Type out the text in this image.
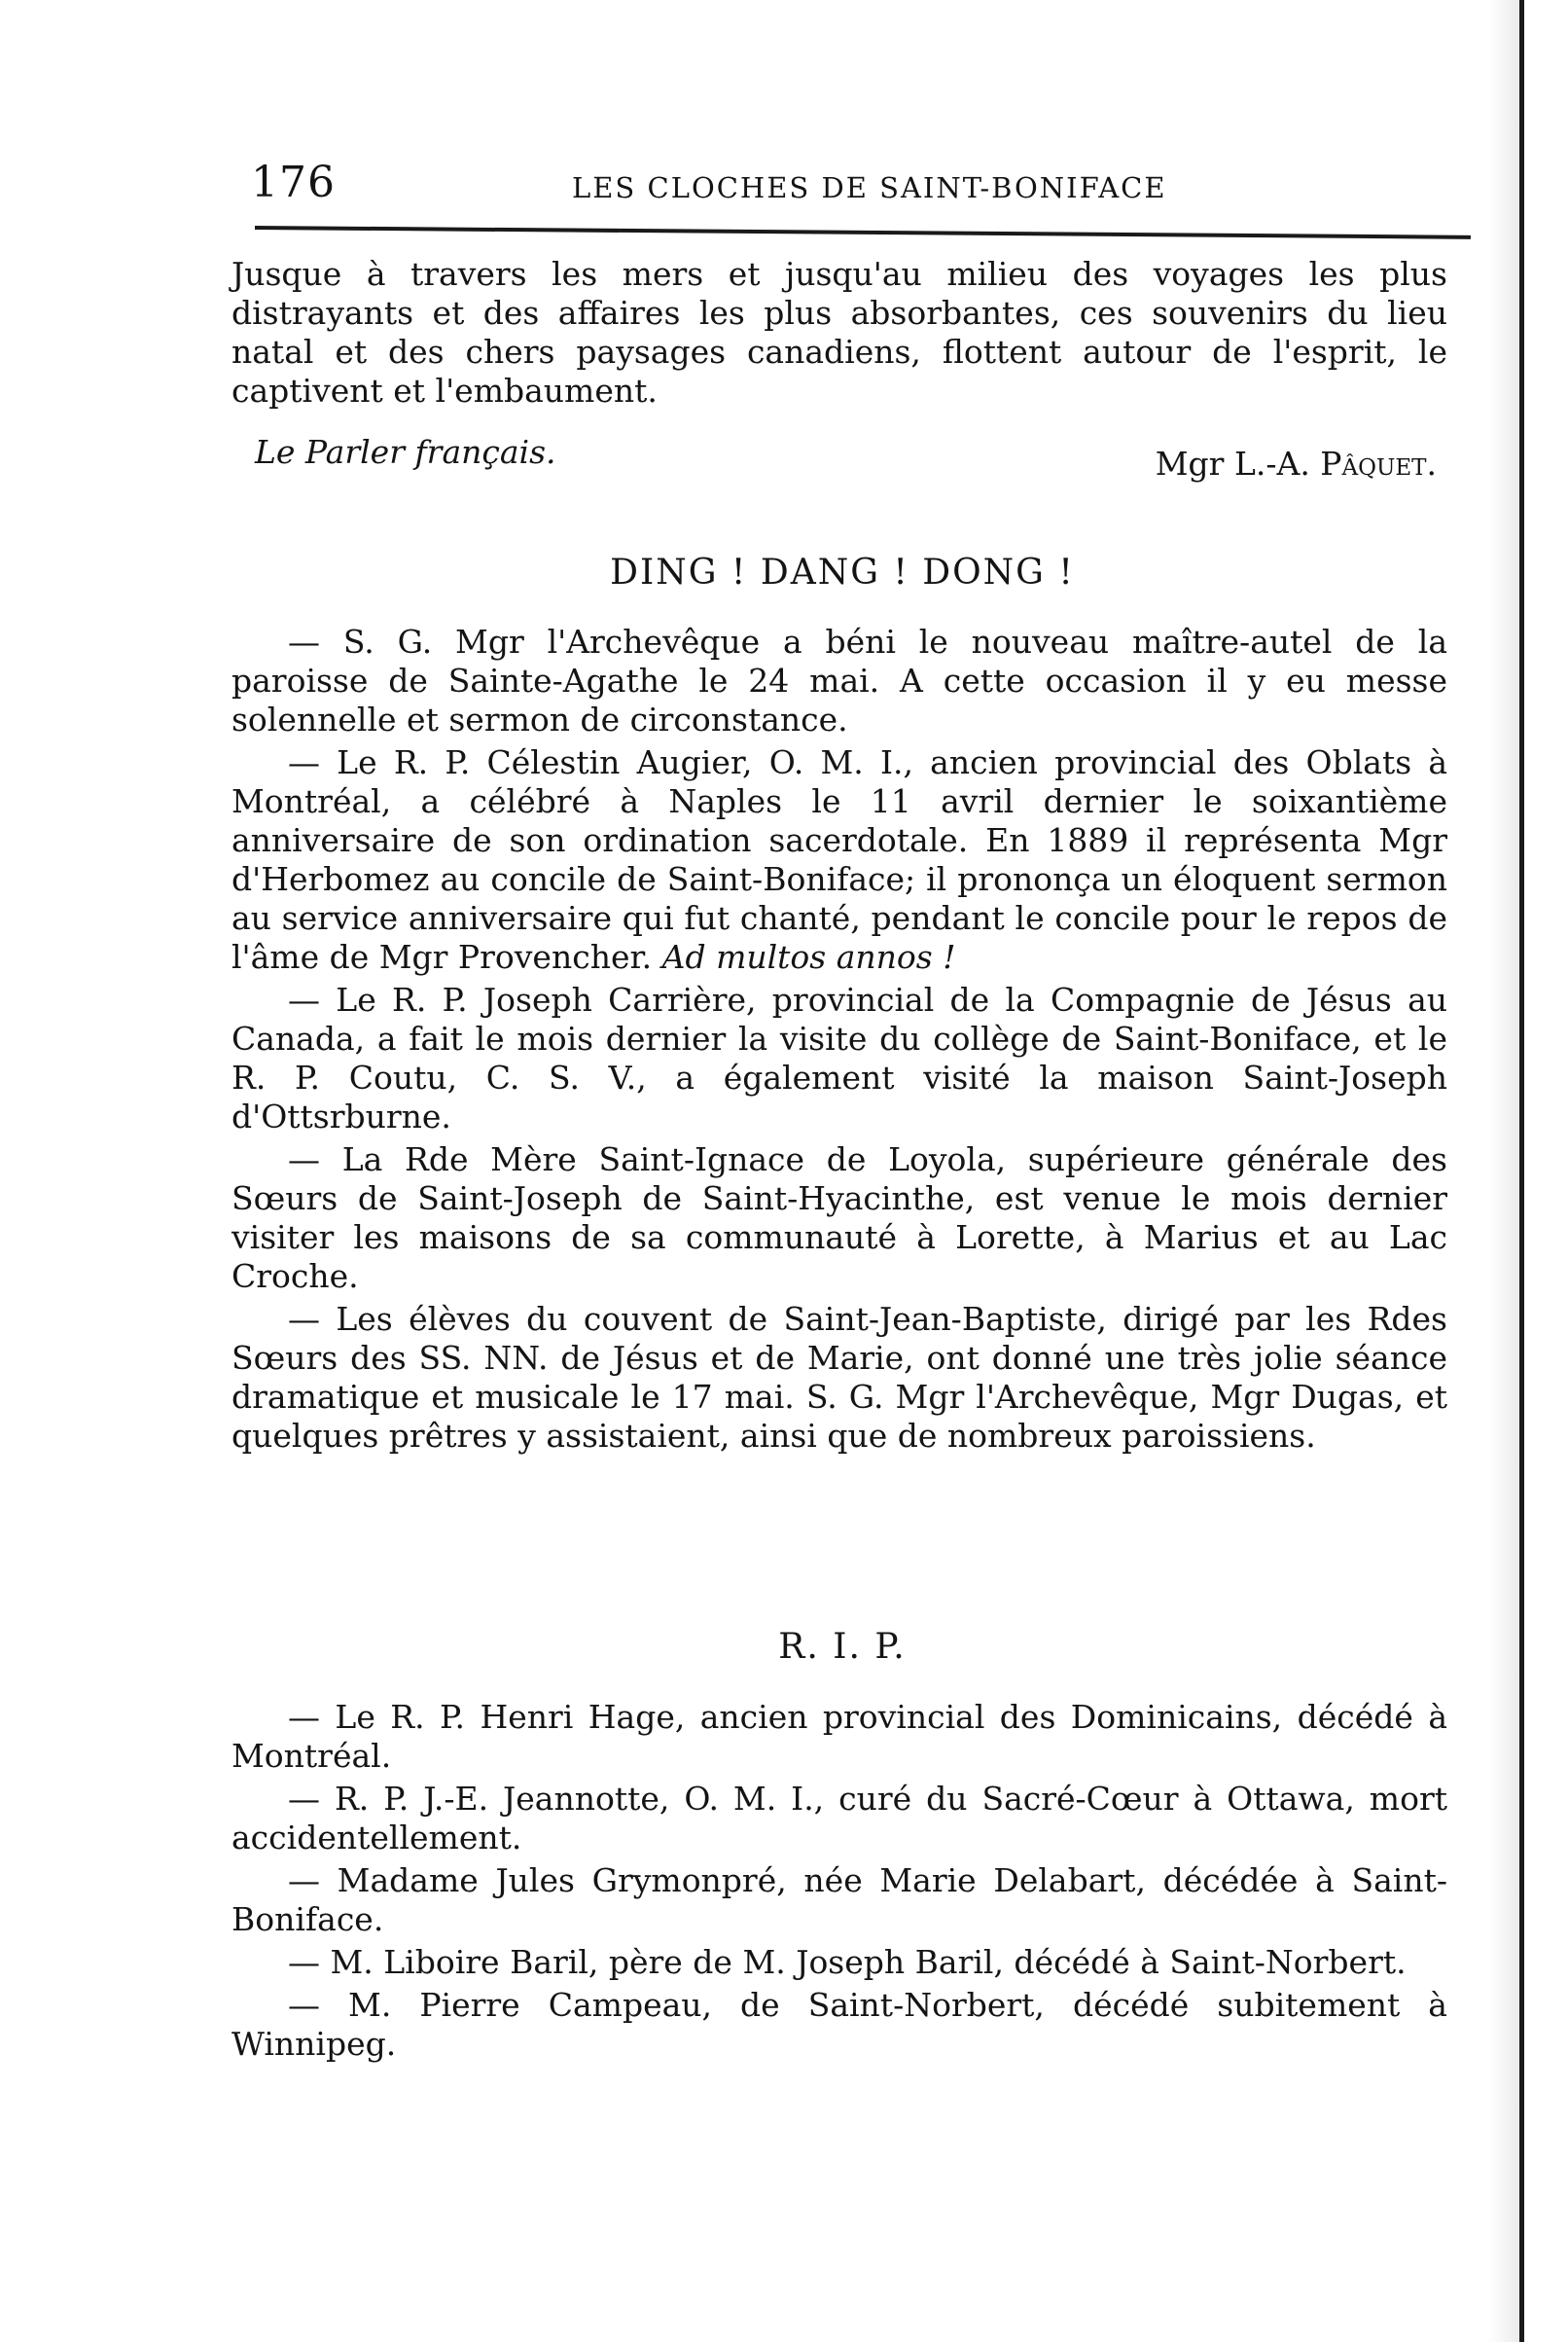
176	LES CLOCHES DE SAINT-BONIFACE

Jusque à travers les mers et jusqu'au milieu des voyages les plus distrayants et des affaires les plus absorbantes, ces souvenirs du lieu natal et des chers paysages canadiens, flottent autour de l'esprit, le captivent et l'embaument.

Le Parler français.	Mgr L.-A. Pâquet.
DING ! DANG ! DONG !

— S. G. Mgr l'Archevêque a béni le nouveau maître-autel de la paroisse de Sainte-Agathe le 24 mai. A cette occasion il y eu messe solennelle et sermon de circonstance.

— Le R. P. Célestin Augier, O. M. I., ancien provincial des Oblats à Montréal, a célébré à Naples le 11 avril dernier le soixantième anniversaire de son ordination sacerdotale. En 1889 il représenta Mgr d'Herbomez au concile de Saint-Boniface; il prononça un éloquent sermon au service anniversaire qui fut chanté, pendant le concile pour le repos de l'âme de Mgr Provencher. Ad multos annos !

— Le R. P. Joseph Carrière, provincial de la Compagnie de Jésus au Canada, a fait le mois dernier la visite du collège de Saint-Boniface, et le R. P. Coutu, C. S. V., a également visité la maison Saint-Joseph d'Ottsrburne.

— La Rde Mère Saint-Ignace de Loyola, supérieure générale des Sœurs de Saint-Joseph de Saint-Hyacinthe, est venue le mois dernier visiter les maisons de sa communauté à Lorette, à Marius et au Lac Croche.

— Les élèves du couvent de Saint-Jean-Baptiste, dirigé par les Rdes Sœurs des SS. NN. de Jésus et de Marie, ont donné une très jolie séance dramatique et musicale le 17 mai. S. G. Mgr l'Archevêque, Mgr Dugas, et quelques prêtres y assistaient, ainsi que de nombreux paroissiens.

R. I. P.

— Le R. P. Henri Hage, ancien provincial des Dominicains, décédé à Montréal.

— R. P. J.-E. Jeannotte, O. M. I., curé du Sacré-Cœur à Ottawa, mort accidentellement.

— Madame Jules Grymonpré, née Marie Delabart, décédée à Saint-Boniface.

— M. Liboire Baril, père de M. Joseph Baril, décédé à Saint-Norbert.

— M. Pierre Campeau, de Saint-Norbert, décédé subitement à Winnipeg.
